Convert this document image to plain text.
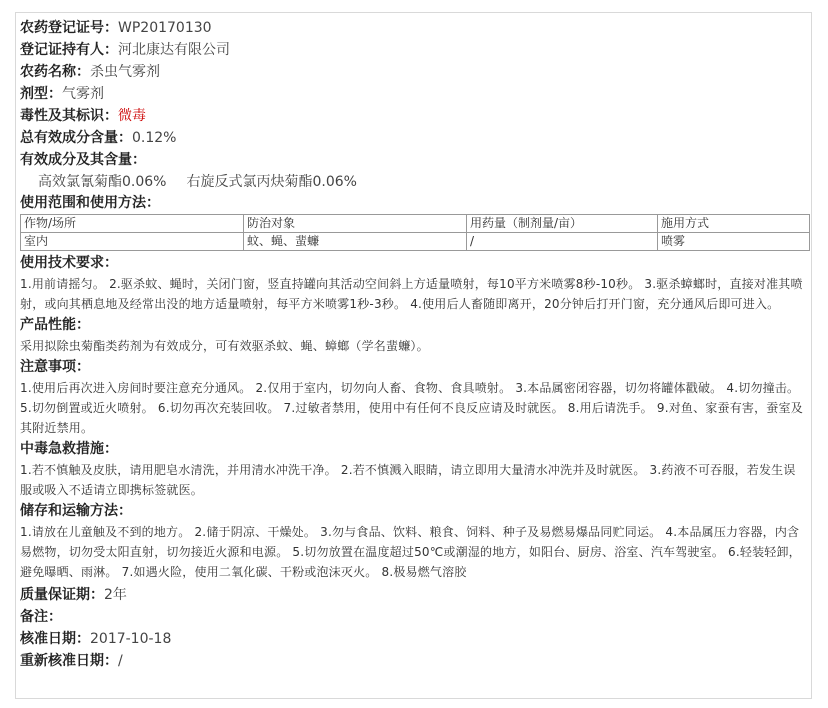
农药登记证号：WP20170130
登记证持有人：河北康达有限公司
农药名称：杀虫气雾剂
剂型：气雾剂
毒性及其标识：微毒
总有效成分含量：0.12%
有效成分及其含量：
高效氯氰菊酯0.06% 右旋反式氯丙炔菊酯0.06%
使用范围和使用方法：
作物/场所	防治对象	用药量（制剂量/亩）	施用方式
室内	蚊、蝇、蜚蠊	/	喷雾
使用技术要求：
1.用前请摇匀。 2.驱杀蚊、蝇时，关闭门窗，竖直持罐向其活动空间斜上方适量喷射，每10平方米喷雾8秒-10秒。 3.驱杀蟑螂时，直接对准其喷射，或向其栖息地及经常出没的地方适量喷射，每平方米喷雾1秒-3秒。 4.使用后人畜随即离开，20分钟后打开门窗，充分通风后即可进入。
产品性能：
采用拟除虫菊酯类药剂为有效成分，可有效驱杀蚊、蝇、蟑螂（学名蜚蠊）。
注意事项：
1.使用后再次进入房间时要注意充分通风。 2.仅用于室内，切勿向人畜、食物、食具喷射。 3.本品属密闭容器，切勿将罐体戳破。 4.切勿撞击。 5.切勿倒置或近火喷射。 6.切勿再次充装回收。 7.过敏者禁用，使用中有任何不良反应请及时就医。 8.用后请洗手。 9.对鱼、家蚕有害，蚕室及其附近禁用。
中毒急救措施：
1.若不慎触及皮肤，请用肥皂水清洗，并用清水冲洗干净。 2.若不慎溅入眼睛，请立即用大量清水冲洗并及时就医。 3.药液不可吞服，若发生误服或吸入不适请立即携标签就医。
储存和运输方法：
1.请放在儿童触及不到的地方。 2.储于阴凉、干燥处。 3.勿与食品、饮料、粮食、饲料、种子及易燃易爆品同贮同运。 4.本品属压力容器，内含易燃物，切勿受太阳直射，切勿接近火源和电源。 5.切勿放置在温度超过50℃或潮湿的地方，如阳台、厨房、浴室、汽车驾驶室。 6.轻装轻卸，避免曝晒、雨淋。 7.如遇火险，使用二氧化碳、干粉或泡沫灭火。 8.极易燃气溶胶
质量保证期：2年
备注：
核准日期：2017-10-18
重新核准日期：/
